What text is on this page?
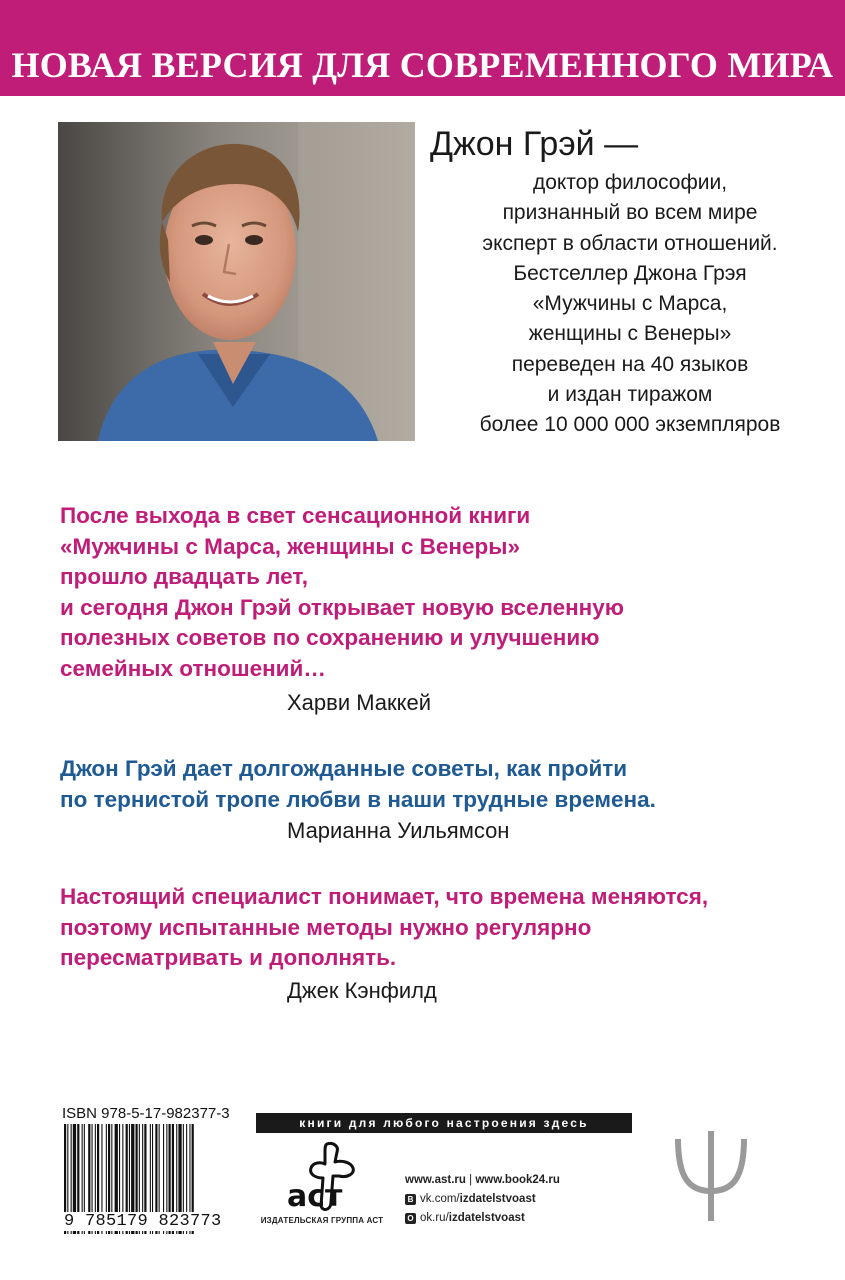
НОВАЯ ВЕРСИЯ ДЛЯ СОВРЕМЕННОГО МИРА
Джон Грэй —
доктор философии,
признанный во всем мире
эксперт в области отношений.
Бестселлер Джона Грэя
«Мужчины с Марса,
женщины с Венеры»
переведен на 40 языков
и издан тиражом
более 10 000 000 экземпляров
После выхода в свет сенсационной книги
«Мужчины с Марса, женщины с Венеры»
прошло двадцать лет,
и сегодня Джон Грэй открывает новую вселенную
полезных советов по сохранению и улучшению
семейных отношений…
Харви Маккей
Джон Грэй дает долгожданные советы, как пройти
по тернистой тропе любви в наши трудные времена.
Марианна Уильямсон
Настоящий специалист понимает, что времена меняются,
поэтому испытанные методы нужно регулярно
пересматривать и дополнять.
Джек Кэнфилд
ISBN 978-5-17-982377-3
9 785179 823773
книги для любого настроения здесь
аст
ИЗДАТЕЛЬСКАЯ ГРУППА АСТ
www.ast.ru | www.book24.ru
В vk.com/ izdatelstvoast
О ok.ru/ izdatelstvoast
